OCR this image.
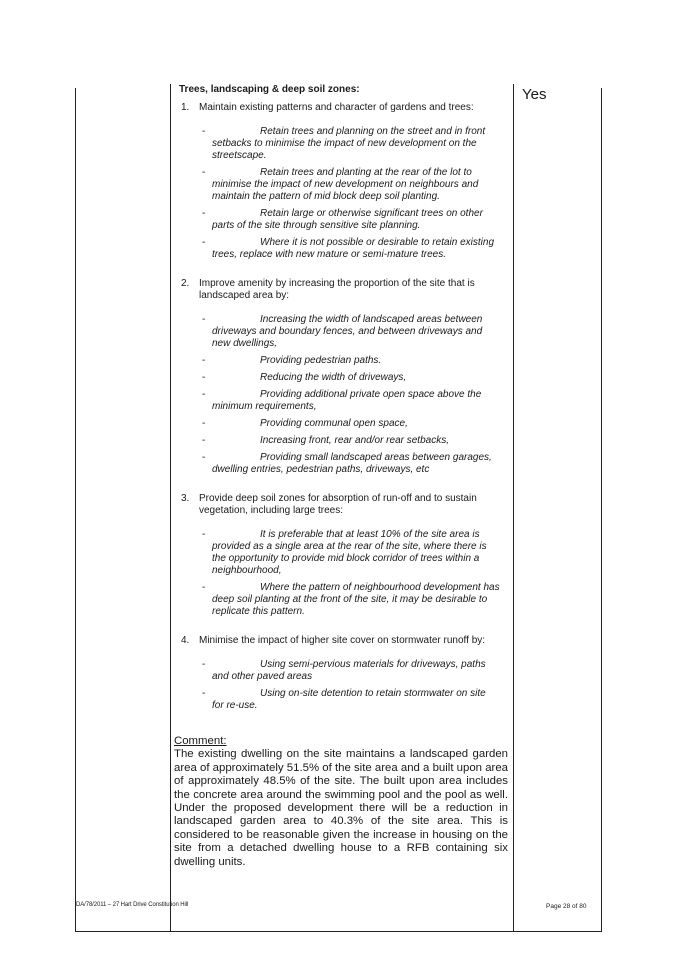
Trees, landscaping & deep soil zones:
1. Maintain existing patterns and character of gardens and trees:
-	Retain trees and planning on the street and in front setbacks to minimise the impact of new development on the streetscape.
-	Retain trees and planting at the rear of the lot to minimise the impact of new development on neighbours and maintain the pattern of mid block deep soil planting.
-	Retain large or otherwise significant trees on other parts of the site through sensitive site planning.
-	Where it is not possible or desirable to retain existing trees, replace with new mature or semi-mature trees.
2. Improve amenity by increasing the proportion of the site that is landscaped area by:
-	Increasing the width of landscaped areas between driveways and boundary fences, and between driveways and new dwellings,
-	Providing pedestrian paths.
-	Reducing the width of driveways,
-	Providing additional private open space above the minimum requirements,
-	Providing communal open space,
-	Increasing front, rear and/or rear setbacks,
-	Providing small landscaped areas between garages, dwelling entries, pedestrian paths, driveways, etc
3. Provide deep soil zones for absorption of run-off and to sustain vegetation, including large trees:
-	It is preferable that at least 10% of the site area is provided as a single area at the rear of the site, where there is the opportunity to provide mid block corridor of trees within a neighbourhood,
-	Where the pattern of neighbourhood development has deep soil planting at the front of the site, it may be desirable to replicate this pattern.
4. Minimise the impact of higher site cover on stormwater runoff by:
-	Using semi-pervious materials for driveways, paths and other paved areas
-	Using on-site detention to retain stormwater on site for re-use.
Comment:
The existing dwelling on the site maintains a landscaped garden area of approximately 51.5% of the site area and a built upon area of approximately 48.5% of the site. The built upon area includes the concrete area around the swimming pool and the pool as well. Under the proposed development there will be a reduction in landscaped garden area to 40.3% of the site area. This is considered to be reasonable given the increase in housing on the site from a detached dwelling house to a RFB containing six dwelling units.
Yes
DA/78/2011 – 27 Hart Drive Constitution Hill	Page 28 of 80
